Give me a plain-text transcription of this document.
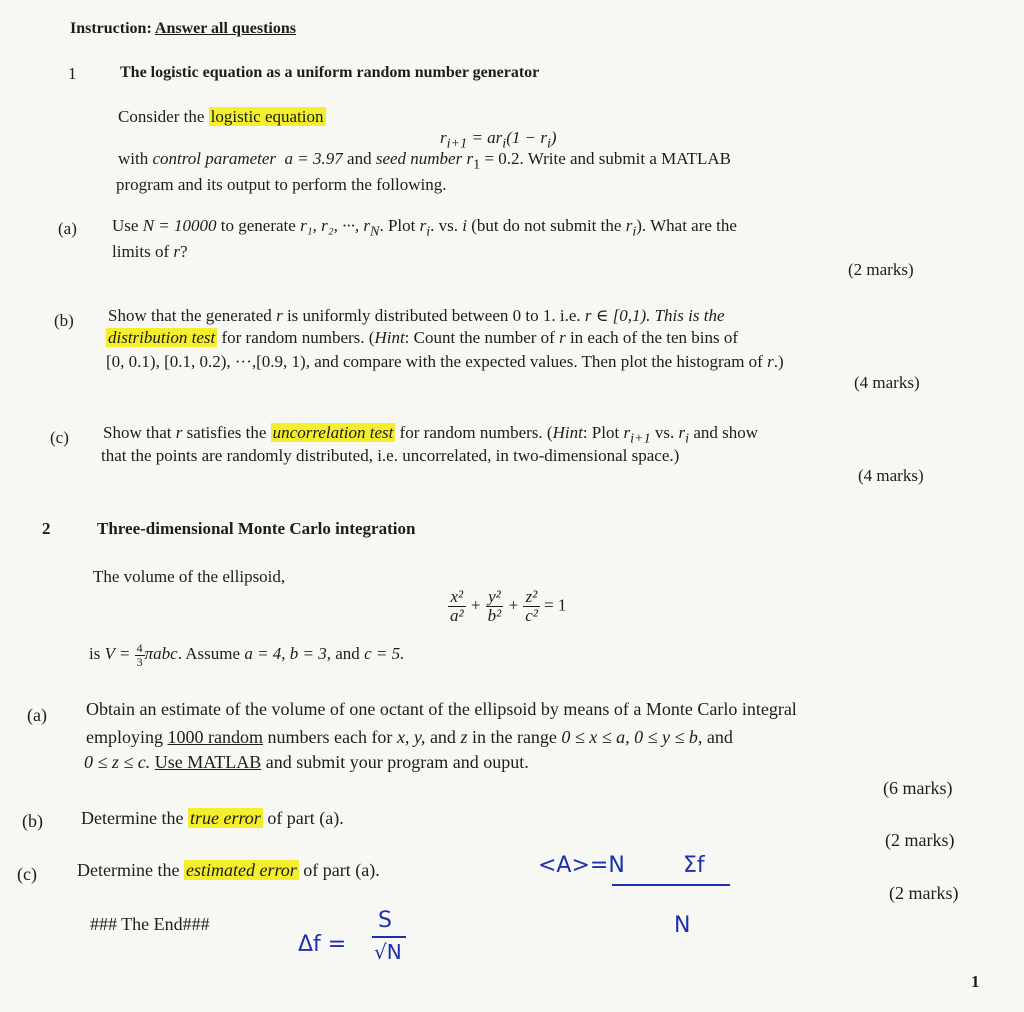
Instruction: Answer all questions
1	The logistic equation as a uniform random number generator
Consider the logistic equation
$r_{i+1} = ar_i(1 - r_i)$
with control parameter a = 3.97 and seed number $r_1 = 0.2$. Write and submit a MATLAB
program and its output to perform the following.
(a) Use N = 10000 to generate r₁, r₂, ···, $r_N$. Plot $r_i$. vs. i (but do not submit the $r_i$). What are the
limits of r?
(2 marks)
(b) Show that the generated r is uniformly distributed between 0 to 1. i.e. r ∈ [0,1). This is the
distribution test for random numbers. (Hint: Count the number of r in each of the ten bins of
[0, 0.1), [0.1, 0.2), ···,[0.9, 1), and compare with the expected values. Then plot the histogram of r.)
(4 marks)
(c) Show that r satisfies the uncorrelation test for random numbers. (Hint: Plot $r_{i+1}$ vs. $r_i$ and show
that the points are randomly distributed, i.e. uncorrelated, in two-dimensional space.)
(4 marks)
2	Three-dimensional Monte Carlo integration
The volume of the ellipsoid,
$\frac{\text{x²}}{\text{a²}} + \frac{\text{y²}}{\text{b²}} + \frac{\text{z²}}{\text{c²}} = 1$
is $V = \frac{4}{3} \pi abc$. Assume a = 4, b = 3, and c = 5.
(a) Obtain an estimate of the volume of one octant of the ellipsoid by means of a Monte Carlo integral
employing 1000 random numbers each for x, y, and z in the range 0 ≤ x ≤ a, 0 ≤ y ≤ b, and
0 ≤ z ≤ c. Use MATLAB and submit your program and ouput.
(6 marks)
(b) Determine the true error of part (a).
(2 marks)
(c) Determine the estimated error of part (a).
(2 marks)
### The End###
1
<A>=N	Σf
N
Δf =
S
√N
